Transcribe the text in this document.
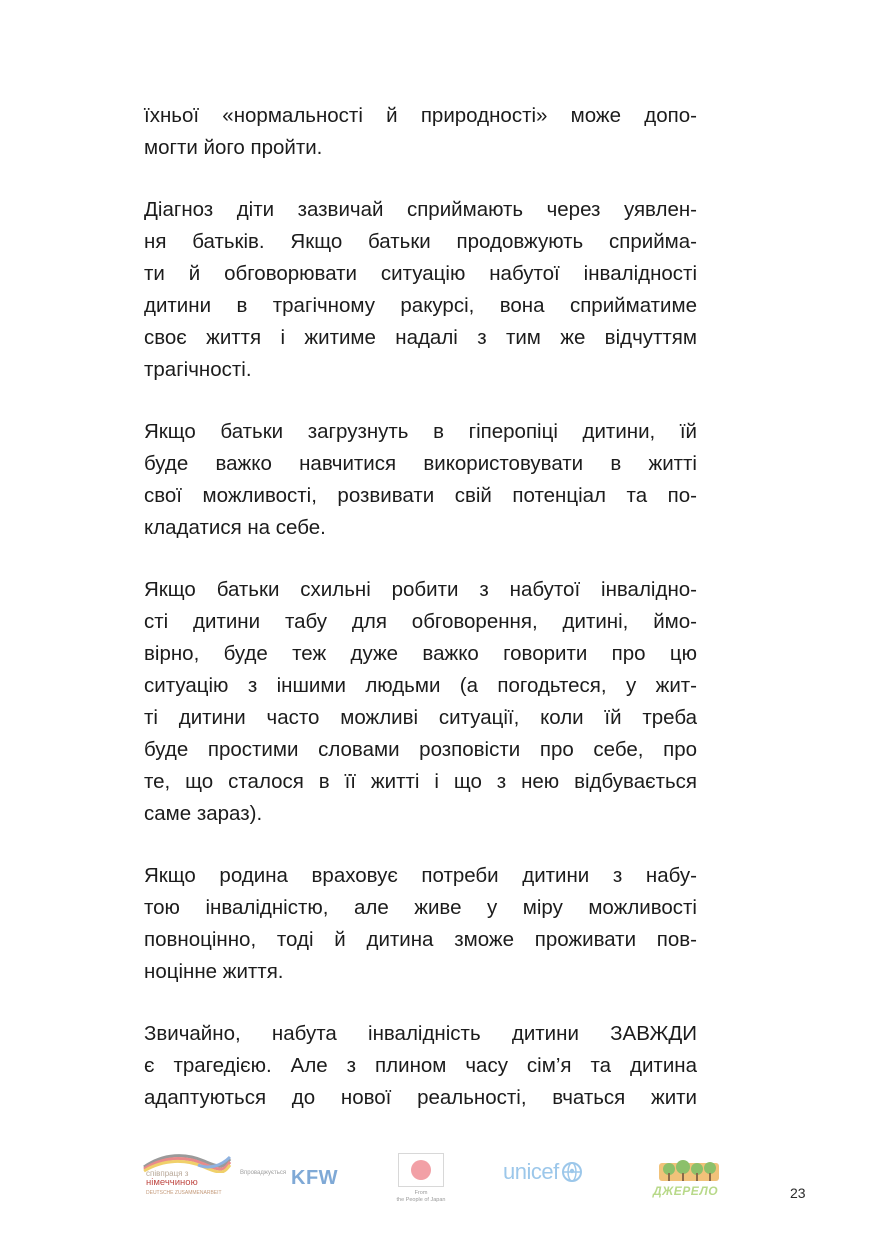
їхньої «нормальності й природності» може допо-
могти його пройти.
Діагноз діти зазвичай сприймають через уявлен-
ня батьків. Якщо батьки продовжують сприйма-
ти й обговорювати ситуацію набутої інвалідності
дитини в трагічному ракурсі, вона сприйматиме
своє життя і житиме надалі з тим же відчуттям
трагічності.
Якщо батьки загрузнуть в гіперопіці дитини, їй
буде важко навчитися використовувати в житті
свої можливості, розвивати свій потенціал та по-
кладатися на себе.
Якщо батьки схильні робити з набутої інвалідно-
сті дитини табу для обговорення, дитині, ймо-
вірно, буде теж дуже важко говорити про цю
ситуацію з іншими людьми (а погодьтеся, у жит-
ті дитини часто можливі ситуації, коли їй треба
буде простими словами розповісти про себе, про
те, що сталося в її житті і що з нею відбувається
саме зараз).
Якщо родина враховує потреби дитини з набу-
тою інвалідністю, але живе у міру можливості
повноцінно, тоді й дитина зможе проживати пов-
ноцінне життя.
Звичайно, набута інвалідність дитини ЗАВЖДИ
є трагедією. Але з плином часу сім’я та дитина
адаптуються до нової реальності, вчаться жити
співпраця з
німеччиною
DEUTSCHE ZUSAMMENARBEIT
Впроваджується KFW
From
the People of Japan
unicef
ДЖЕРЕЛО	23
